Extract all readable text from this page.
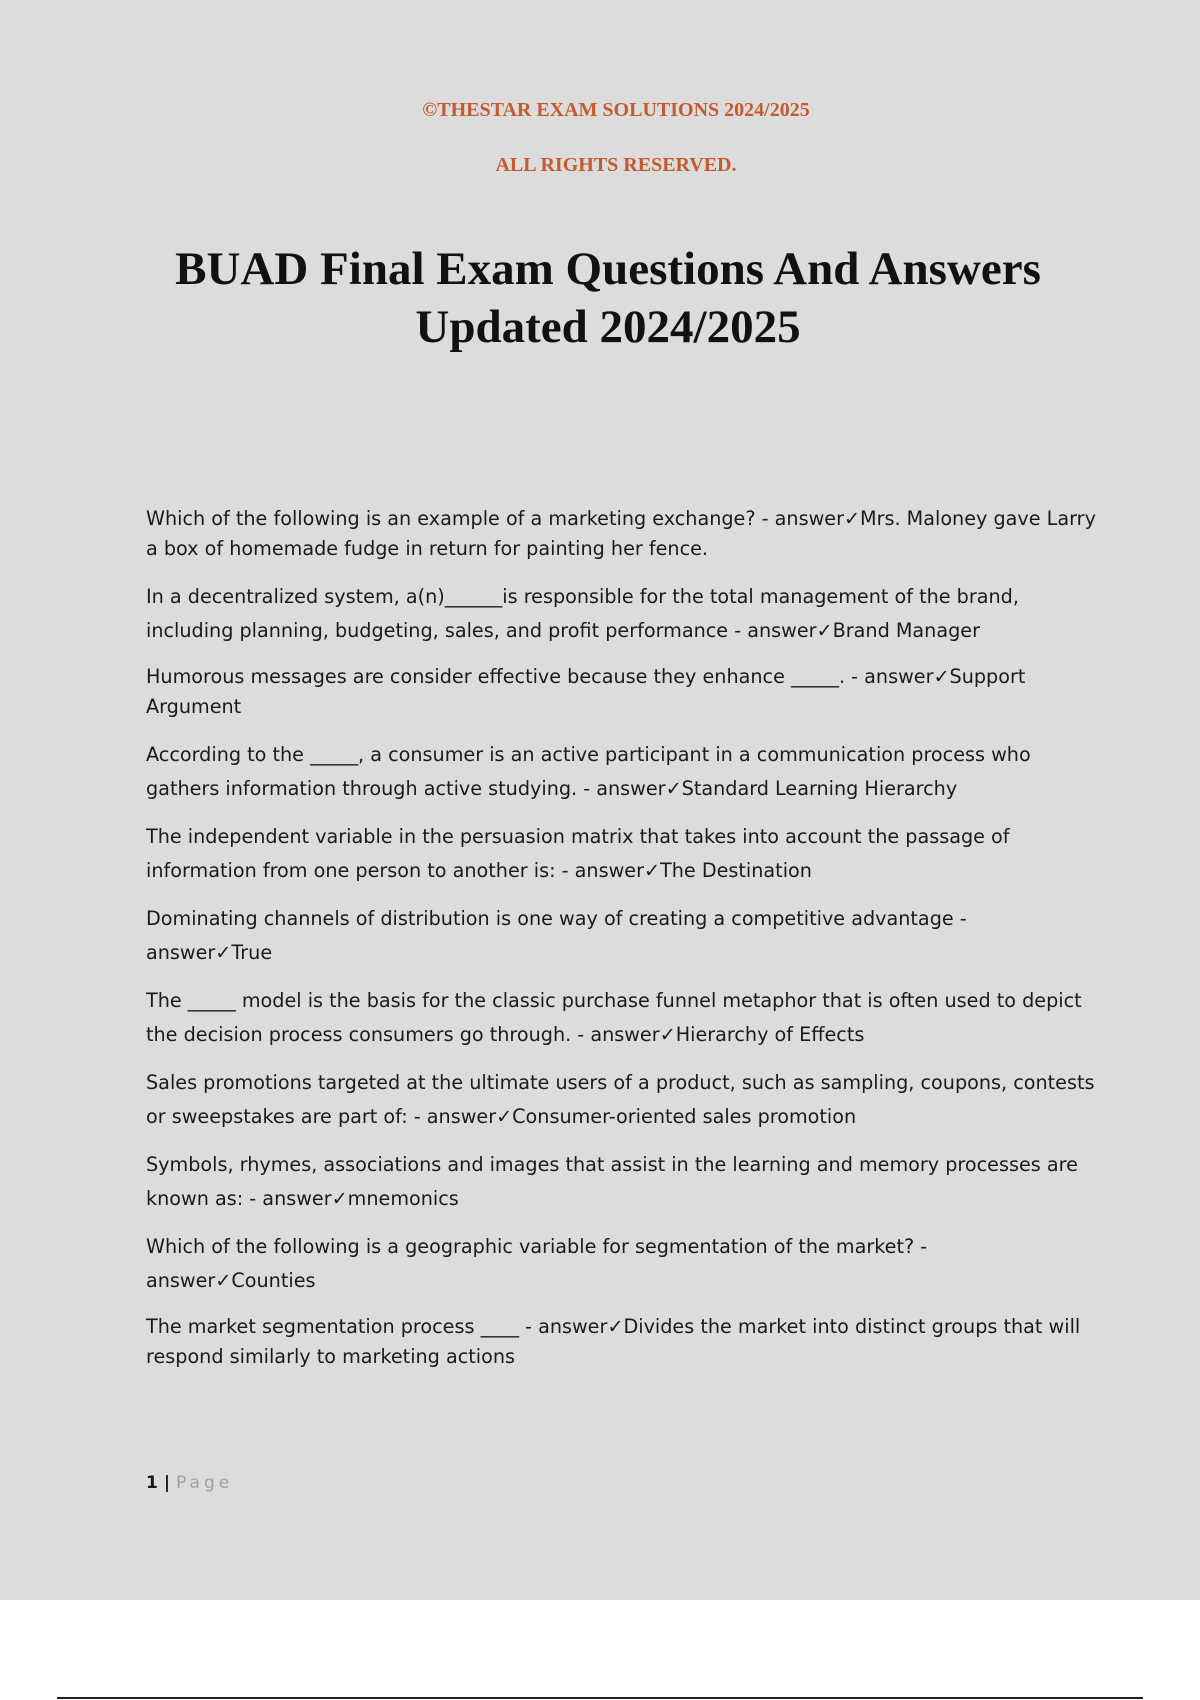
©THESTAR EXAM SOLUTIONS 2024/2025

ALL RIGHTS RESERVED.

BUAD Final Exam Questions And Answers
Updated 2024/2025
Which of the following is an example of a marketing exchange? - answer✓Mrs. Maloney gave Larry a box of homemade fudge in return for painting her fence.
In a decentralized system, a(n)______is responsible for the total management of the brand, including planning, budgeting, sales, and profit performance - answer✓Brand Manager
Humorous messages are consider effective because they enhance _____. - answer✓Support Argument
According to the _____, a consumer is an active participant in a communication process who gathers information through active studying. - answer✓Standard Learning Hierarchy
The independent variable in the persuasion matrix that takes into account the passage of information from one person to another is: - answer✓The Destination
Dominating channels of distribution is one way of creating a competitive advantage - answer✓True
The _____ model is the basis for the classic purchase funnel metaphor that is often used to depict the decision process consumers go through. - answer✓Hierarchy of Effects
Sales promotions targeted at the ultimate users of a product, such as sampling, coupons, contests or sweepstakes are part of: - answer✓Consumer-oriented sales promotion
Symbols, rhymes, associations and images that assist in the learning and memory processes are known as: - answer✓mnemonics
Which of the following is a geographic variable for segmentation of the market? - answer✓Counties
The market segmentation process ____ - answer✓Divides the market into distinct groups that will respond similarly to marketing actions
1 | Page
